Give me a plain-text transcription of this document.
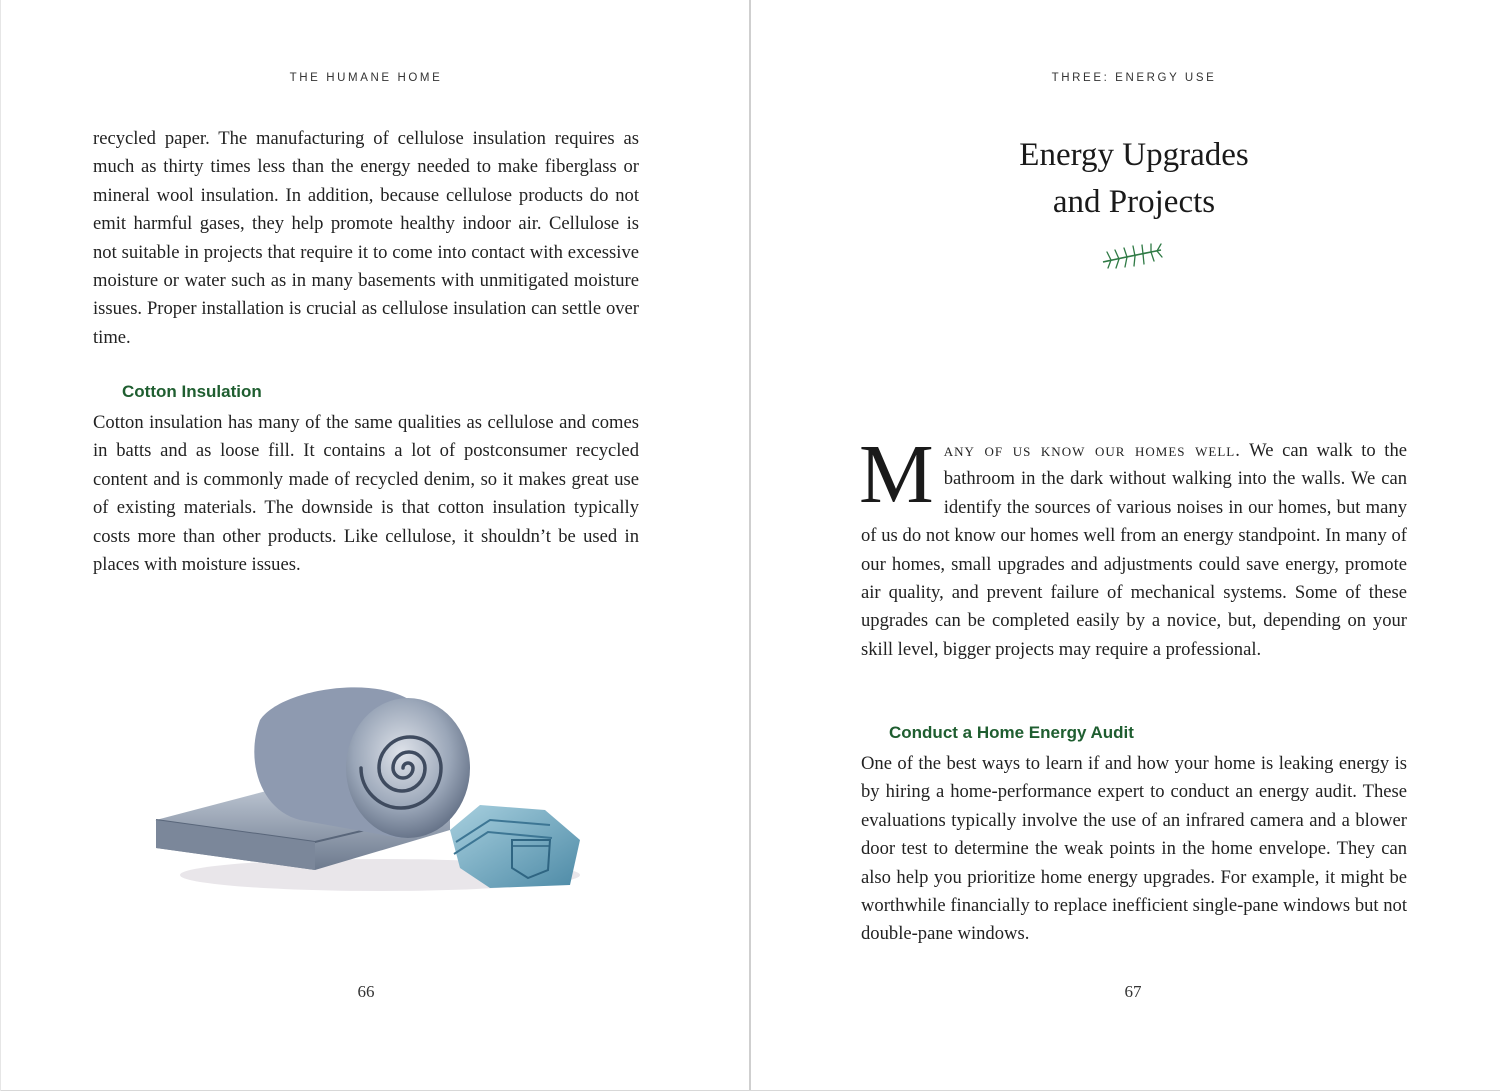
THE HUMANE HOME
recycled paper. The manufacturing of cellulose insulation requires as much as thirty times less than the energy needed to make fiberglass or mineral wool insulation. In addition, because cellulose products do not emit harmful gases, they help promote healthy indoor air. Cellulose is not suitable in projects that require it to come into contact with excessive moisture or water such as in many basements with unmitigated moisture issues. Proper installation is crucial as cellulose insulation can settle over time.
Cotton Insulation
Cotton insulation has many of the same qualities as cellulose and comes in batts and as loose fill. It contains a lot of postconsumer recycled content and is commonly made of recycled denim, so it makes great use of existing materials. The downside is that cotton insulation typically costs more than other products. Like cellulose, it shouldn’t be used in places with moisture issues.
66
THREE: ENERGY USE
Energy Upgrades
and Projects
Many of us know our homes well. We can walk to the bathroom in the dark without walking into the walls. We can identify the sources of various noises in our homes, but many of us do not know our homes well from an energy standpoint. In many of our homes, small upgrades and adjustments could save energy, promote air quality, and prevent failure of mechanical systems. Some of these upgrades can be completed easily by a novice, but, depending on your skill level, bigger projects may require a professional.
Conduct a Home Energy Audit
One of the best ways to learn if and how your home is leaking energy is by hiring a home-performance expert to conduct an energy audit. These evaluations typically involve the use of an infrared camera and a blower door test to determine the weak points in the home envelope. They can also help you prioritize home energy upgrades. For example, it might be worthwhile financially to replace inefficient single-pane windows but not double-pane windows.
67
